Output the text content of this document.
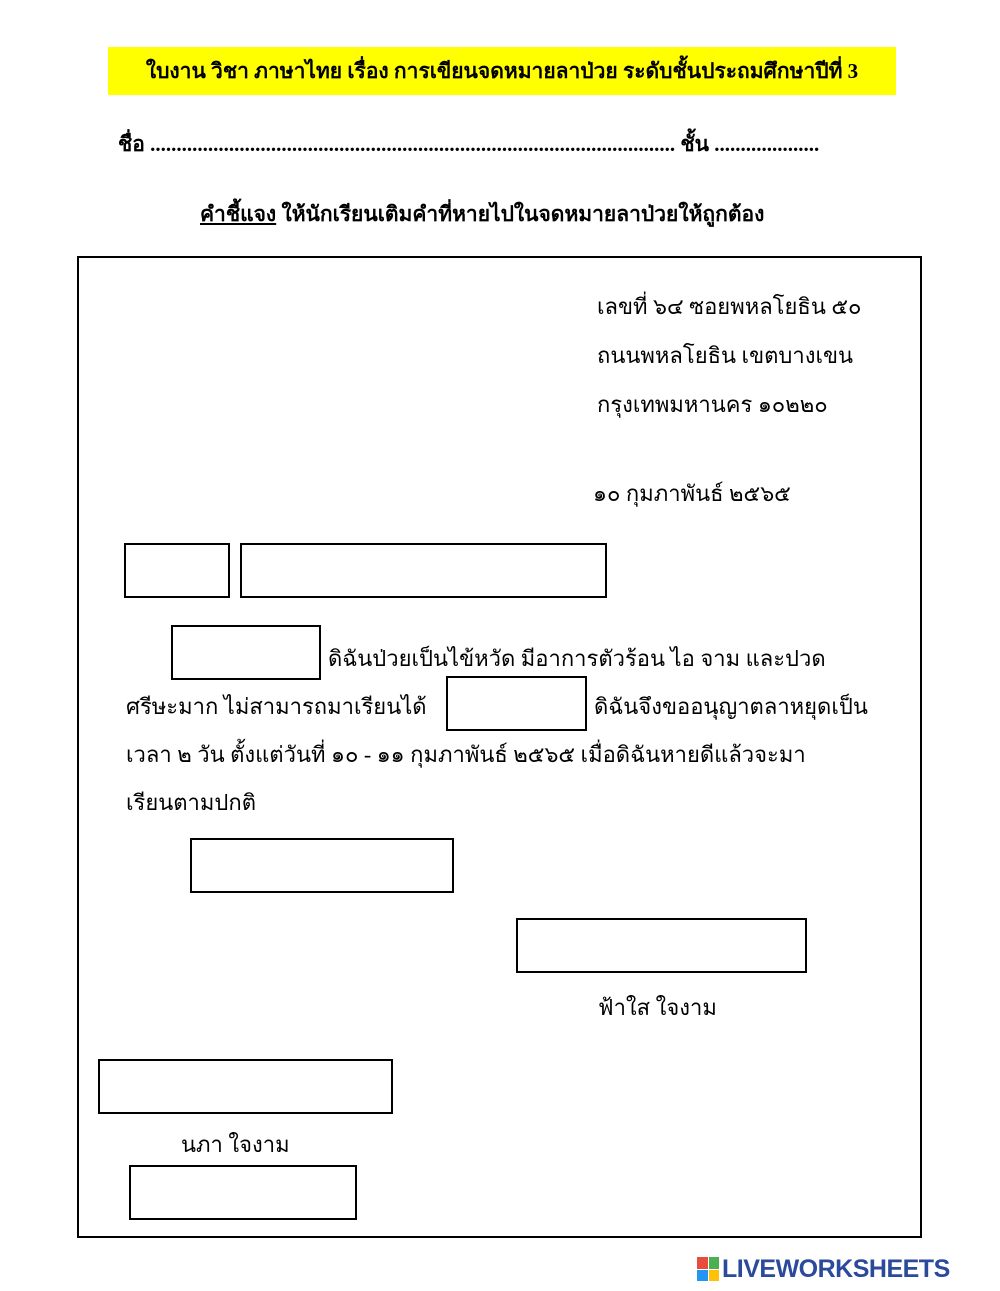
ใบงาน วิชา ภาษาไทย เรื่อง การเขียนจดหมายลาป่วย ระดับชั้นประถมศึกษาปีที่ 3
ชื่อ .................................................................................................... ชั้น ....................
คำชี้แจง ให้นักเรียนเติมคำที่หายไปในจดหมายลาป่วยให้ถูกต้อง
เลขที่ ๖๔ ซอยพหลโยธิน ๕๐
ถนนพหลโยธิน เขตบางเขน
กรุงเทพมหานคร ๑๐๒๒๐
๑๐ กุมภาพันธ์ ๒๕๖๕
ดิฉันป่วยเป็นไข้หวัด มีอาการตัวร้อน ไอ จาม และปวด
ศรีษะมาก ไม่สามารถมาเรียนได้	ดิฉันจึงขออนุญาตลาหยุดเป็น
เวลา ๒ วัน ตั้งแต่วันที่ ๑๐ - ๑๑ กุมภาพันธ์ ๒๕๖๕ เมื่อดิฉันหายดีแล้วจะมา
เรียนตามปกติ
ฟ้าใส ใจงาม
นภา ใจงาม
LIVEWORKSHEETS
